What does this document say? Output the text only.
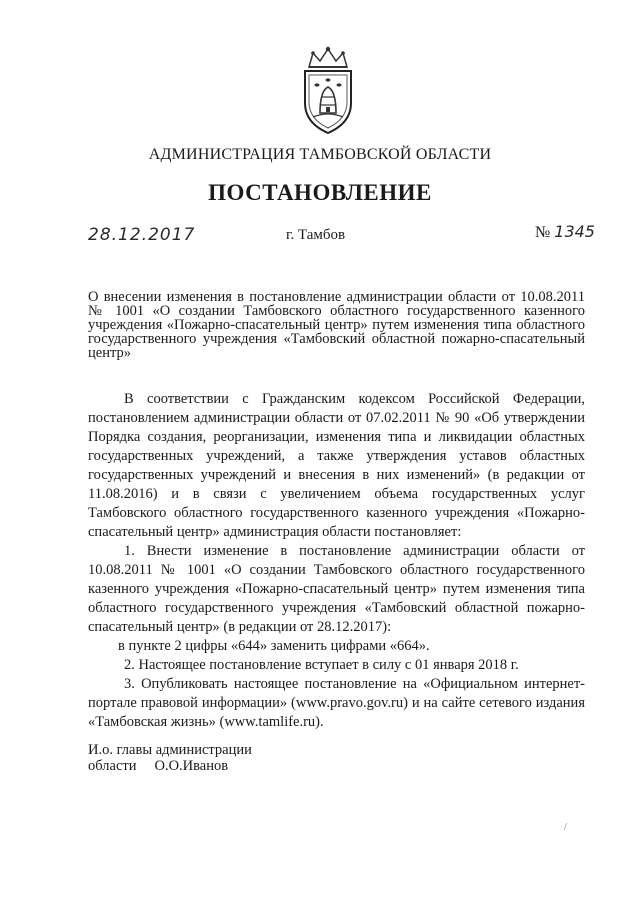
АДМИНИСТРАЦИЯ ТАМБОВСКОЙ ОБЛАСТИ
ПОСТАНОВЛЕНИЕ
28.12.2017	г. Тамбов	№ 1345
О внесении изменения в постановление администрации области от 10.08.2011 № 1001 «О создании Тамбовского областного государственного казенного учреждения «Пожарно-спасательный центр» путем изменения типа областного государственного учреждения «Тамбовский областной пожарно-спасательный центр»

В соответствии с Гражданским кодексом Российской Федерации, постановлением администрации области от 07.02.2011 № 90 «Об утверждении Порядка создания, реорганизации, изменения типа и ликвидации областных государственных учреждений, а также утверждения уставов областных государственных учреждений и внесения в них изменений» (в редакции от 11.08.2016) и в связи с увеличением объема государственных услуг Тамбовского областного государственного казенного учреждения «Пожарно-спасательный центр» администрация области постановляет:

1. Внести изменение в постановление администрации области от 10.08.2011 № 1001 «О создании Тамбовского областного государственного казенного учреждения «Пожарно-спасательный центр» путем изменения типа областного государственного учреждения «Тамбовский областной пожарно-спасательный центр» (в редакции от 28.12.2017):

в пункте 2 цифры «644» заменить цифрами «664».

2. Настоящее постановление вступает в силу с 01 января 2018 г.

3. Опубликовать настоящее постановление на «Официальном интернет-портале правовой информации» (www.pravo.gov.ru) и на сайте сетевого издания «Тамбовская жизнь» (www.tamlife.ru).

И.о. главы администрации
области О.О.Иванов
/
